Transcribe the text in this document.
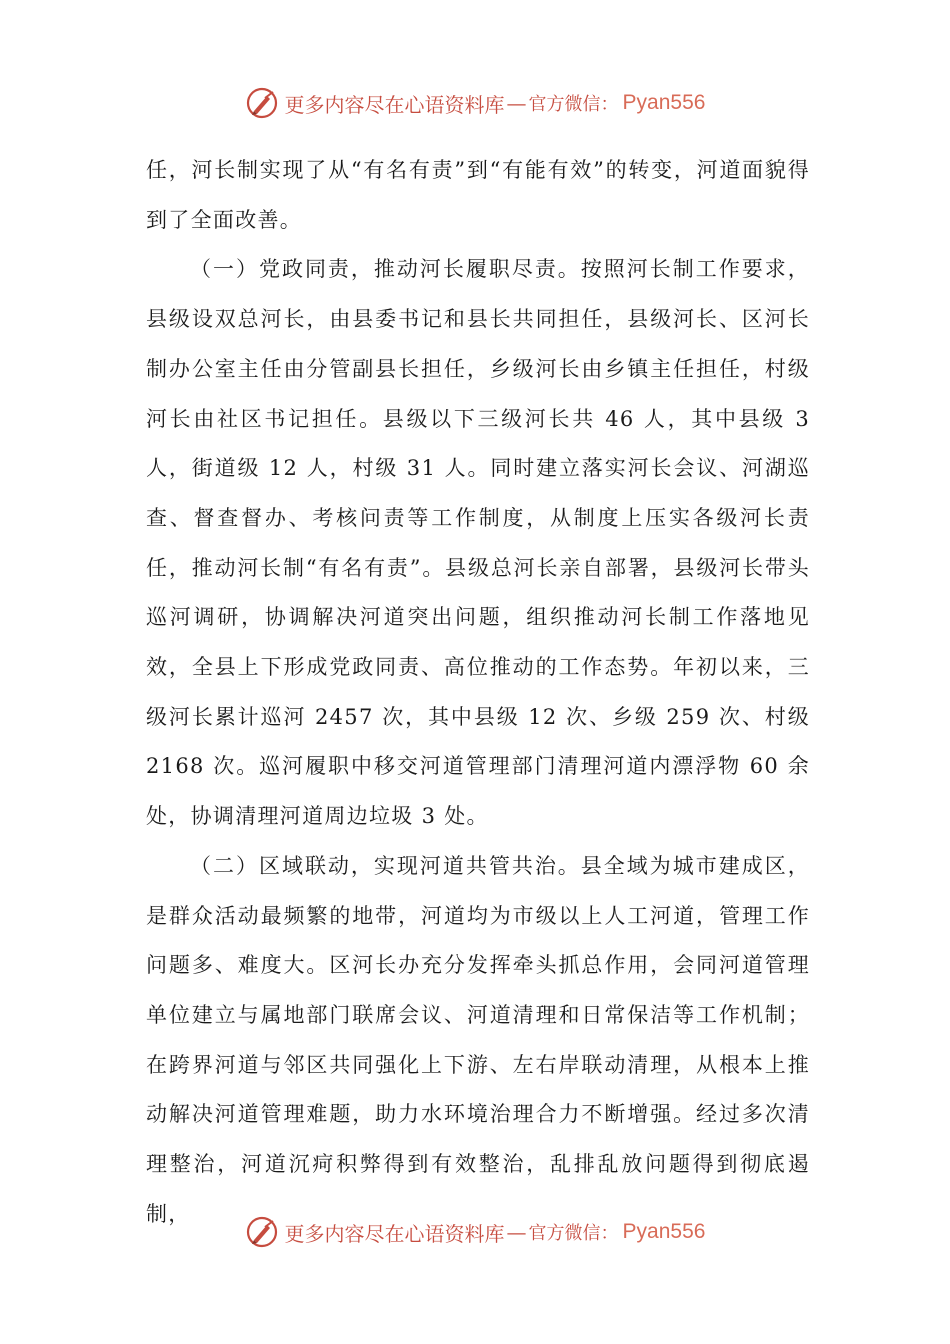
更多内容尽在心语资料库 — 官方微信： Pyan556

任，河长制实现了从“有名有责”到“有能有效”的转变，河道面貌得到了全面改善。

（一）党政同责，推动河长履职尽责。按照河长制工作要求，县级设双总河长，由县委书记和县长共同担任，县级河长、区河长制办公室主任由分管副县长担任，乡级河长由乡镇主任担任，村级河长由社区书记担任。县级以下三级河长共 46 人，其中县级 3 人，街道级 12 人，村级 31 人。同时建立落实河长会议、河湖巡查、督查督办、考核问责等工作制度，从制度上压实各级河长责任，推动河长制“有名有责”。县级总河长亲自部署，县级河长带头巡河调研，协调解决河道突出问题，组织推动河长制工作落地见效，全县上下形成党政同责、高位推动的工作态势。年初以来，三级河长累计巡河 2457 次，其中县级 12 次、乡级 259 次、村级 2168 次。巡河履职中移交河道管理部门清理河道内漂浮物 60 余处，协调清理河道周边垃圾 3 处。

（二）区域联动，实现河道共管共治。县全域为城市建成区，是群众活动最频繁的地带，河道均为市级以上人工河道，管理工作问题多、难度大。区河长办充分发挥牵头抓总作用，会同河道管理单位建立与属地部门联席会议、河道清理和日常保洁等工作机制；在跨界河道与邻区共同强化上下游、左右岸联动清理，从根本上推动解决河道管理难题，助力水环境治理合力不断增强。经过多次清理整治，河道沉疴积弊得到有效整治，乱排乱放问题得到彻底遏制，

更多内容尽在心语资料库 — 官方微信： Pyan556
